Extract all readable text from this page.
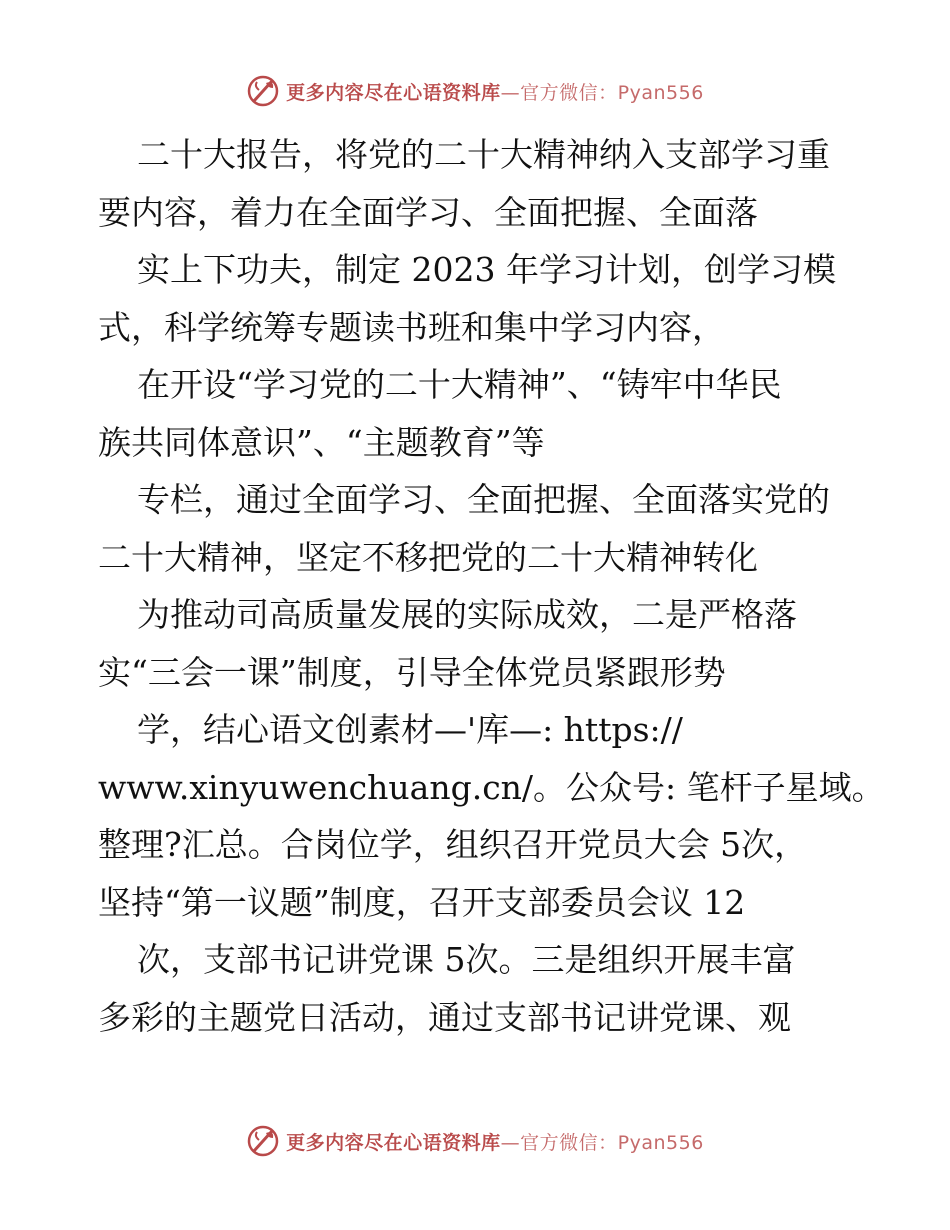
更多内容尽在心语资料库—官方微信：Pyan556
二十大报告，将党的二十大精神纳入支部学习重
要内容，着力在全面学习、全面把握、全面落
实上下功夫，制定 2023 年学习计划，创学习模
式，科学统筹专题读书班和集中学习内容，
在开设“学习党的二十大精神”、“铸牢中华民
族共同体意识”、“主题教育”等
专栏，通过全面学习、全面把握、全面落实党的
二十大精神，坚定不移把党的二十大精神转化
为推动司高质量发展的实际成效，二是严格落
实“三会一课”制度，引导全体党员紧跟形势
学，结心语文创素材—'库—: https://
www.xinyuwenchuang.cn/。公众号: 笔杆子星域。
整理?汇总。合岗位学，组织召开党员大会 5次，
坚持“第一议题”制度，召开支部委员会议 12
次，支部书记讲党课 5次。三是组织开展丰富
多彩的主题党日活动，通过支部书记讲党课、观
更多内容尽在心语资料库—官方微信：Pyan556
